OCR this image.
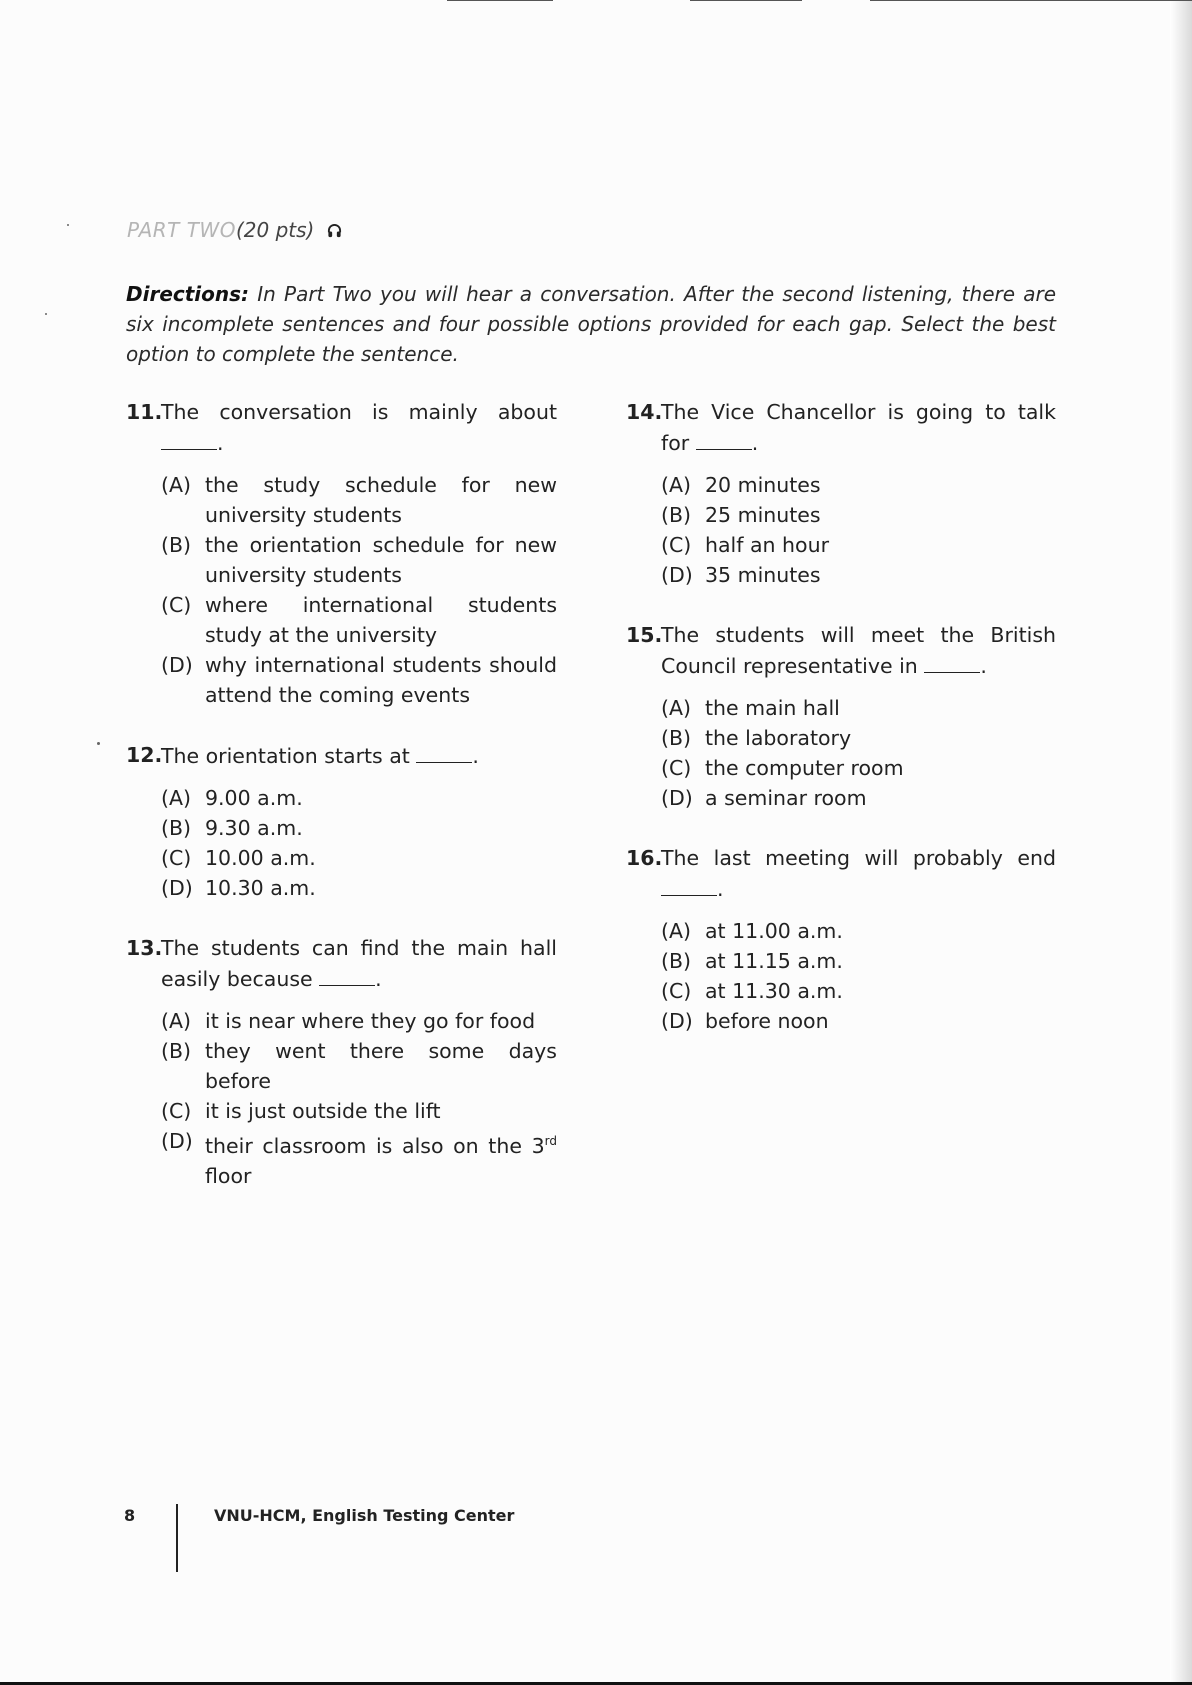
PART TWO(20 pts)
Directions: In Part Two you will hear a conversation. After the second listening, there are six incomplete sentences and four possible options provided for each gap. Select the best option to complete the sentence.
11.
The conversation is mainly about .
(A) the study schedule for new university students
(B) the orientation schedule for new university students
(C) where international students study at the university
(D) why international students should attend the coming events
12.
The orientation starts at	.
(A) 9.00 a.m.
(B) 9.30 a.m.
(C) 10.00 a.m.
(D) 10.30 a.m.
13.
The students can find the main hall easily because	.
(A) it is near where they go for food
(B) they went there some days before
(C) it is just outside the lift
(D) their classroom is also on the 3rd floor
14.
The Vice Chancellor is going to talk for	.
(A) 20 minutes
(B) 25 minutes
(C) half an hour
(D) 35 minutes
15.
The students will meet the British Council representative in	.
(A) the main hall
(B) the laboratory
(C) the computer room
(D) a seminar room
16.
The last meeting will probably end .
(A) at 11.00 a.m.
(B) at 11.15 a.m.
(C) at 11.30 a.m.
(D) before noon
8	VNU-HCM, English Testing Center
